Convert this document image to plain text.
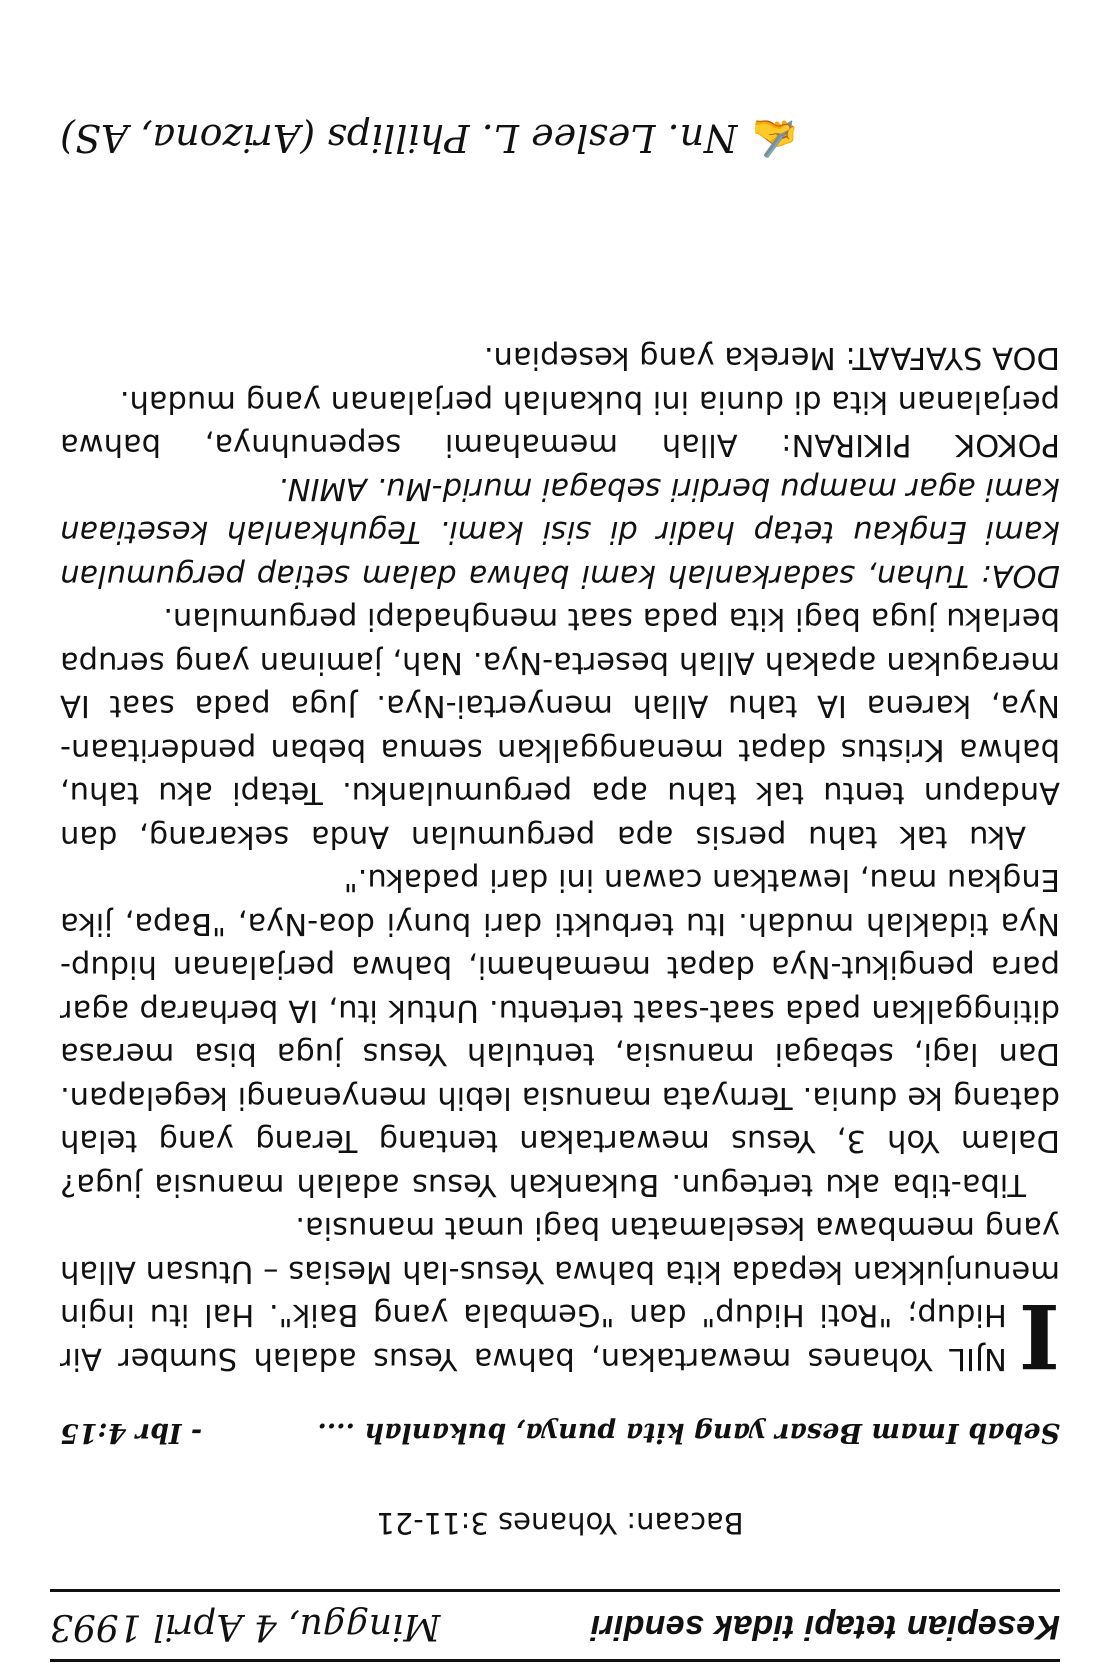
Kesepian tetapi tidak sendiri
Minggu, 4 April 1993
Bacaan: Yohanes 3:11-21
Sebab Imam Besar yang kita punya, bukanlah ....
- Ibr 4:15

I
NJIL Yohanes mewartakan, bahwa Yesus adalah Sumber Air Hidup; "Roti Hidup" dan "Gembala yang Baik". Hal itu ingin menunjukkan kepada kita bahwa Yesus-lah Mesias – Utusan Allah yang membawa keselamatan bagi umat manusia.

Tiba-tiba aku tertegun. Bukankah Yesus adalah manusia juga? Dalam Yoh 3, Yesus mewartakan tentang Terang yang telah datang ke dunia. Ternyata manusia lebih menyenangi kegelapan. Dan lagi, sebagai manusia, tentulah Yesus juga bisa merasa ditinggalkan pada saat-saat tertentu. Untuk itu, IA berharap agar para pengikut-Nya dapat memahami, bahwa perjalanan hidup-Nya tidaklah mudah. Itu terbukti dari bunyi doa-Nya, "Bapa, jika Engkau mau, lewatkan cawan ini dari padaku."

Aku tak tahu persis apa pergumulan Anda sekarang, dan Andapun tentu tak tahu apa pergumulanku. Tetapi aku tahu, bahwa Kristus dapat menanggalkan semua beban penderitaan-Nya, karena IA tahu Allah menyertai-Nya. Juga pada saat IA meragukan apakah Allah beserta-Nya. Nah, jaminan yang serupa berlaku juga bagi kita pada saat menghadapi pergumulan.

DOA: Tuhan, sadarkanlah kami bahwa dalam setiap pergumulan kami Engkau tetap hadir di sisi kami. Teguhkanlah kesetiaan kami agar mampu berdiri sebagai murid-Mu. AMIN.

POKOK PIKIRAN: Allah memahami sepenuhnya, bahwa perjalanan kita di dunia ini bukanlah perjalanan yang mudah.

DOA SYAFAAT: Mereka yang kesepian.

✍Nn. Leslee L. Phillips (Arizona, AS)
